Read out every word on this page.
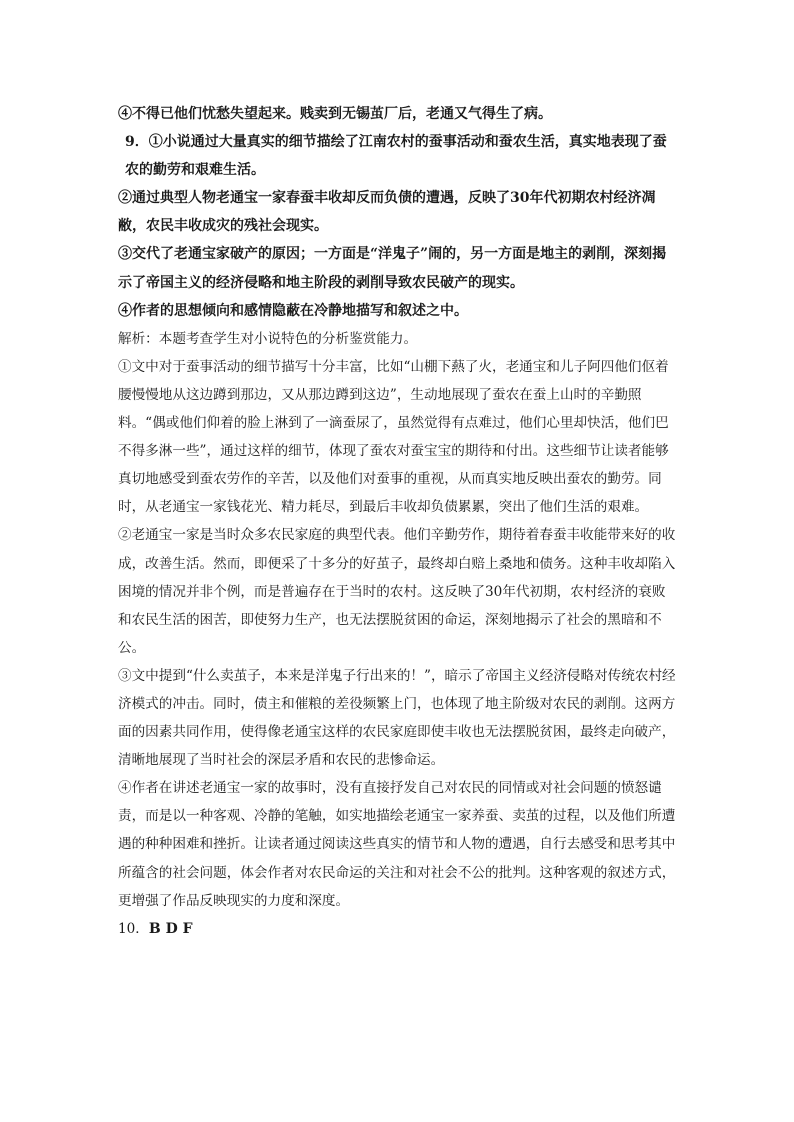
④不得已他们忧愁失望起来。贱卖到无锡茧厂后，老通又气得生了病。

9．①小说通过大量真实的细节描绘了江南农村的蚕事活动和蚕农生活，真实地表现了蚕农的勤劳和艰难生活。

②通过典型人物老通宝一家春蚕丰收却反而负债的遭遇，反映了30年代初期农村经济凋敝，农民丰收成灾的残社会现实。

③交代了老通宝家破产的原因；一方面是“洋鬼子”闹的，另一方面是地主的剥削，深刻揭示了帝国主义的经济侵略和地主阶段的剥削导致农民破产的现实。

④作者的思想倾向和感情隐蔽在冷静地描写和叙述之中。

解析：本题考查学生对小说特色的分析鉴赏能力。

①文中对于蚕事活动的细节描写十分丰富，比如“山棚下爇了火，老通宝和儿子阿四他们伛着腰慢慢地从这边蹲到那边，又从那边蹲到这边”，生动地展现了蚕农在蚕上山时的辛勤照料。“偶或他们仰着的脸上淋到了一滴蚕尿了，虽然觉得有点难过，他们心里却快活，他们巴不得多淋一些”，通过这样的细节，体现了蚕农对蚕宝宝的期待和付出。这些细节让读者能够真切地感受到蚕农劳作的辛苦，以及他们对蚕事的重视，从而真实地反映出蚕农的勤劳。同时，从老通宝一家钱花光、精力耗尽，到最后丰收却负债累累，突出了他们生活的艰难。

②老通宝一家是当时众多农民家庭的典型代表。他们辛勤劳作，期待着春蚕丰收能带来好的收成，改善生活。然而，即便采了十多分的好茧子，最终却白赔上桑地和债务。这种丰收却陷入困境的情况并非个例，而是普遍存在于当时的农村。这反映了30年代初期，农村经济的衰败和农民生活的困苦，即使努力生产，也无法摆脱贫困的命运，深刻地揭示了社会的黑暗和不公。

③文中提到“什么卖茧子，本来是洋鬼子行出来的！”，暗示了帝国主义经济侵略对传统农村经济模式的冲击。同时，债主和催粮的差役频繁上门，也体现了地主阶级对农民的剥削。这两方面的因素共同作用，使得像老通宝这样的农民家庭即使丰收也无法摆脱贫困，最终走向破产，清晰地展现了当时社会的深层矛盾和农民的悲惨命运。

④作者在讲述老通宝一家的故事时，没有直接抒发自己对农民的同情或对社会问题的愤怒谴责，而是以一种客观、冷静的笔触，如实地描绘老通宝一家养蚕、卖茧的过程，以及他们所遭遇的种种困难和挫折。让读者通过阅读这些真实的情节和人物的遭遇，自行去感受和思考其中所蕴含的社会问题，体会作者对农民命运的关注和对社会不公的批判。这种客观的叙述方式，更增强了作品反映现实的力度和深度。

10．B D F
